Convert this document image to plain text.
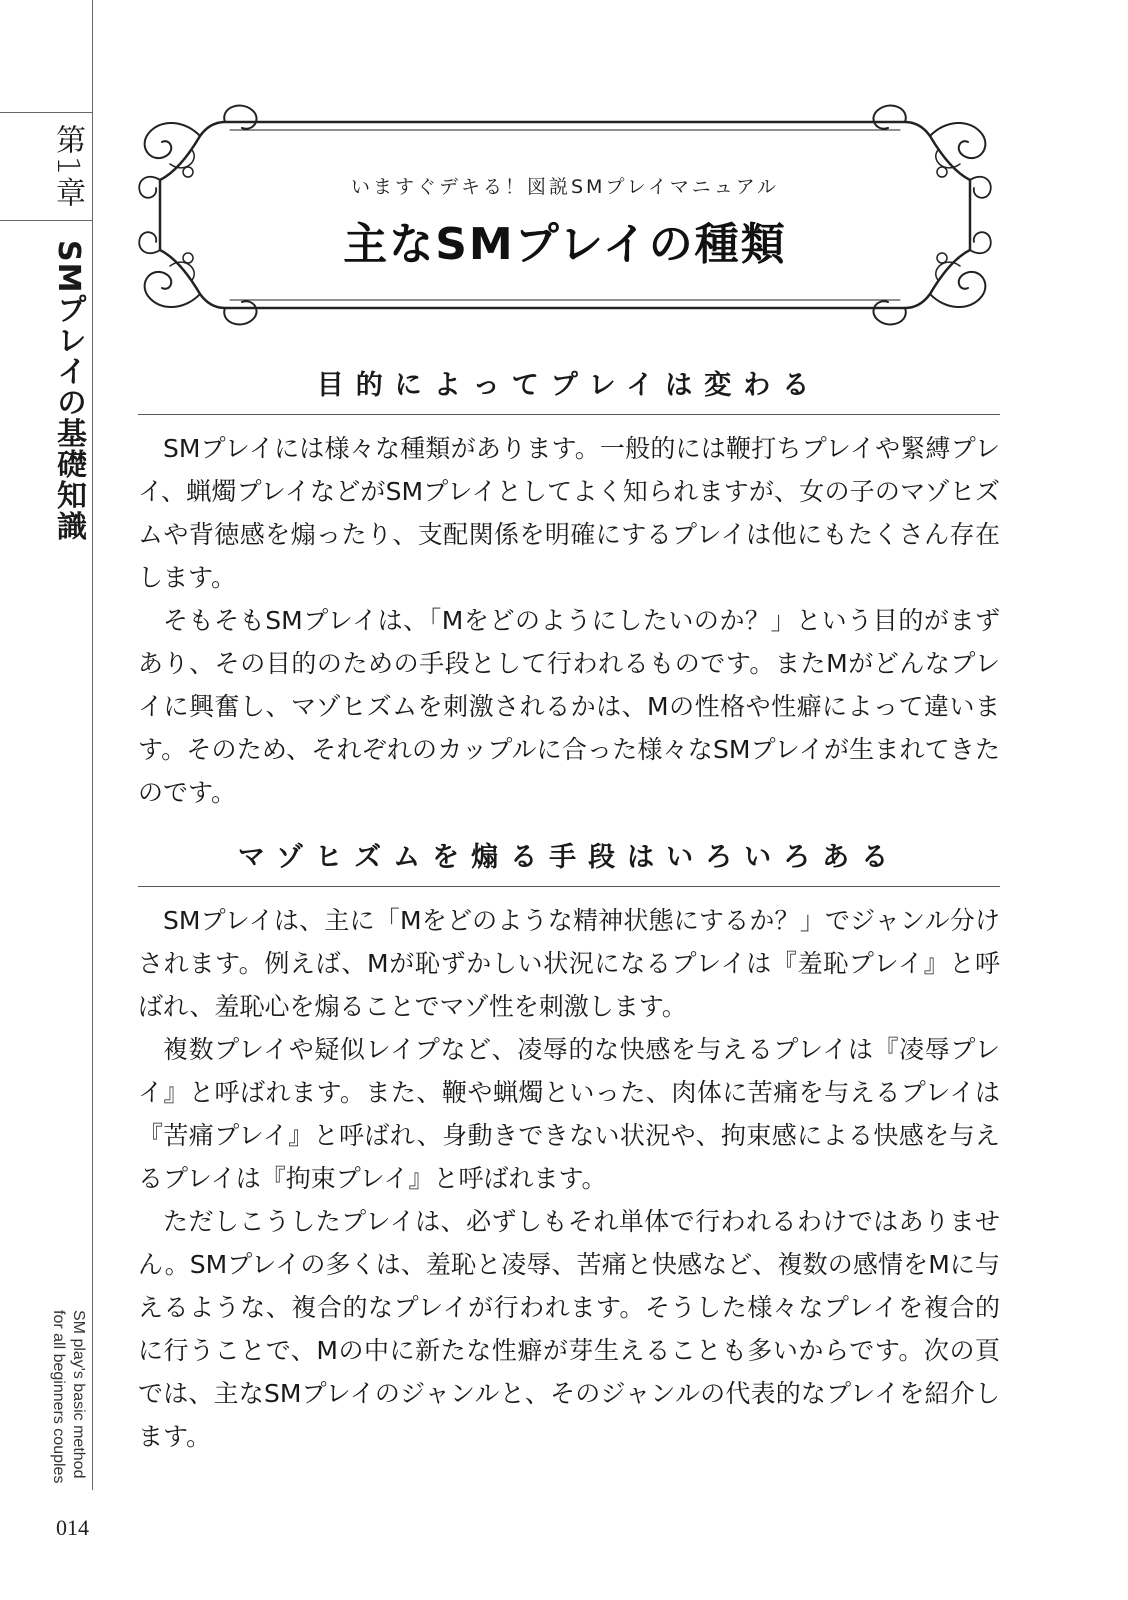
第1章
SMプレイの基礎知識
SM play's basic method for all beginners couples
014
いますぐデキる！図説SMプレイマニュアル
主なSMプレイの種類
目的によってプレイは変わる

SMプレイには様々な種類があります。一般的には鞭打ちプレイや緊縛プレイ、蝋燭プレイなどがSMプレイとしてよく知られますが、女の子のマゾヒズムや背徳感を煽ったり、支配関係を明確にするプレイは他にもたくさん存在します。

そもそもSMプレイは、「Mをどのようにしたいのか？」という目的がまずあり、その目的のための手段として行われるものです。またMがどんなプレイに興奮し、マゾヒズムを刺激されるかは、Mの性格や性癖によって違います。そのため、それぞれのカップルに合った様々なSMプレイが生まれてきたのです。

マゾヒズムを煽る手段はいろいろある

SMプレイは、主に「Mをどのような精神状態にするか？」でジャンル分けされます。例えば、Mが恥ずかしい状況になるプレイは『羞恥プレイ』と呼ばれ、羞恥心を煽ることでマゾ性を刺激します。

複数プレイや疑似レイプなど、凌辱的な快感を与えるプレイは『凌辱プレイ』と呼ばれます。また、鞭や蝋燭といった、肉体に苦痛を与えるプレイは『苦痛プレイ』と呼ばれ、身動きできない状況や、拘束感による快感を与えるプレイは『拘束プレイ』と呼ばれます。

ただしこうしたプレイは、必ずしもそれ単体で行われるわけではありません。SMプレイの多くは、羞恥と凌辱、苦痛と快感など、複数の感情をMに与えるような、複合的なプレイが行われます。そうした様々なプレイを複合的に行うことで、Mの中に新たな性癖が芽生えることも多いからです。次の頁では、主なSMプレイのジャンルと、そのジャンルの代表的なプレイを紹介します。
